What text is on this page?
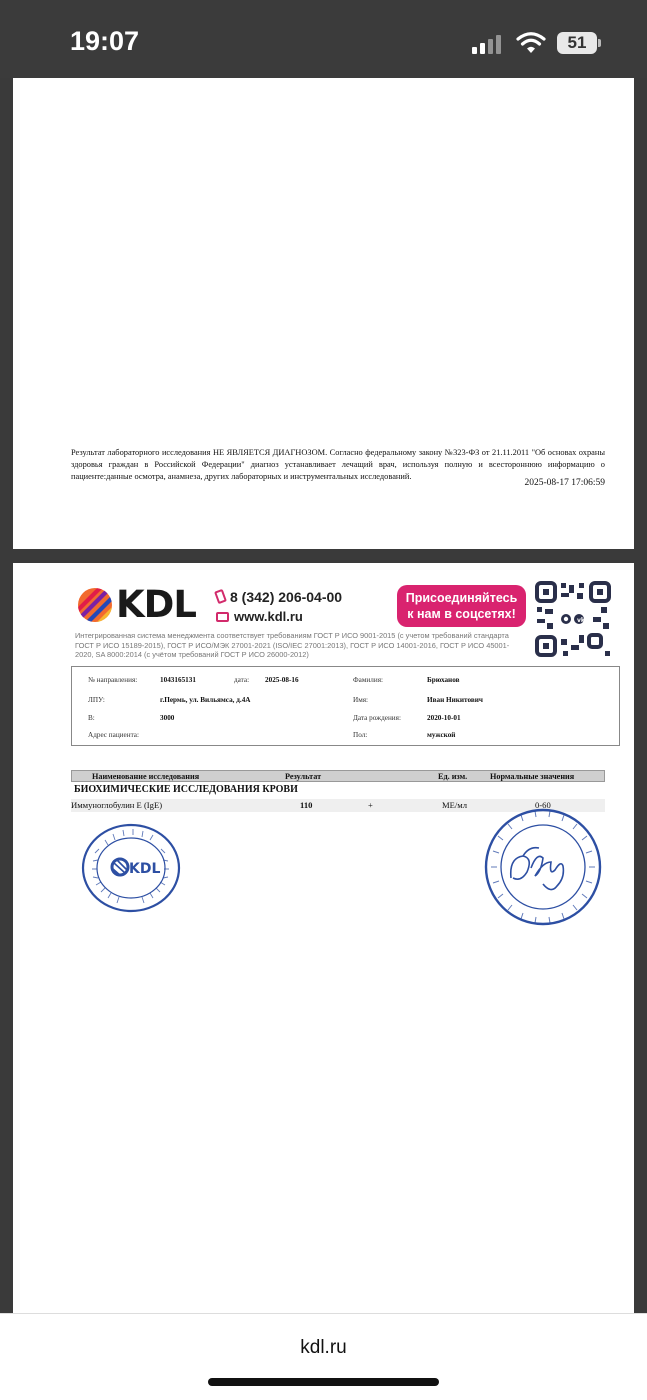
19:07	51

Результат лабораторного исследования НЕ ЯВЛЯЕТСЯ ДИАГНОЗОМ. Согласно федеральному закону №323-ФЗ от 21.11.2011 "Об основах охраны здоровья граждан в Российской Федерации" диагноз устанавливает лечащий врач, используя полную и всестороннюю информацию о пациенте:данные осмотра, анамнеза, других лабораторных и инструментальных исследований.

2025-08-17 17:06:59
KDL	8 (342) 206-04-00
www.kdl.ru
Присоединяйтесь
к нам в соцсетях!	vk

Интегрированная система менеджмента соответствует требованиям ГОСТ Р ИСО 9001-2015 (с учетом требований стандарта ГОСТ Р ИСО 15189-2015), ГОСТ Р ИСО/МЭК 27001-2021 (ISO/IEC 27001:2013), ГОСТ Р ИСО 14001-2016, ГОСТ Р ИСО 45001-2020, SA 8000:2014 (с учётом требований ГОСТ Р ИСО 26000-2012)

№ направления:	1043165131	дата: 2025-08-16	Фамилия:	Брюханов
ЛПУ:	г.Пермь, ул. Вильямса, д.4А	Имя:	Иван Никитович
В:	3000	Дата рождения:	2020-10-01
Адрес пациента:	Пол:	мужской
Наименование исследования	Результат	Ед. изм.	Нормальные значения
БИОХИМИЧЕСКИЕ ИССЛЕДОВАНИЯ КРОВИ
Иммуноглобулин Е (IgE)	110	+	МЕ/мл	0-60
KDL
kdl.ru
